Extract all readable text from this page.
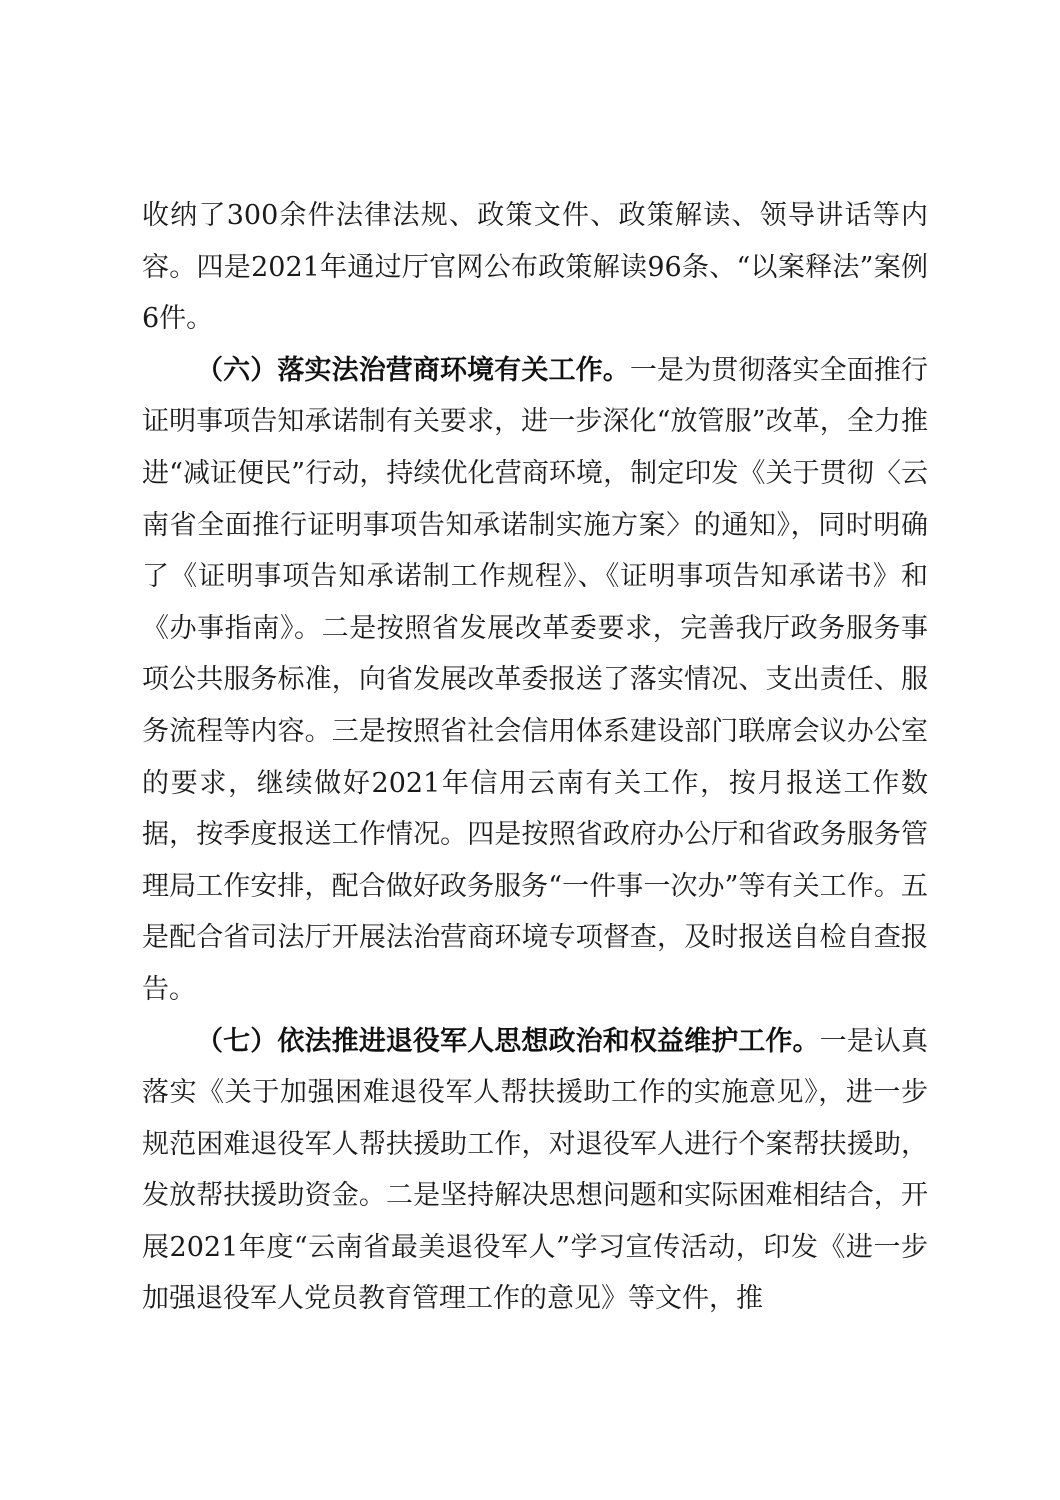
收纳了300余件法律法规、政策文件、政策解读、领导讲话等内容。四是2021年通过厅官网公布政策解读96条、“以案释法”案例6件。

（六）落实法治营商环境有关工作。一是为贯彻落实全面推行证明事项告知承诺制有关要求，进一步深化“放管服”改革，全力推进“减证便民”行动，持续优化营商环境，制定印发《关于贯彻〈云南省全面推行证明事项告知承诺制实施方案〉的通知》，同时明确了《证明事项告知承诺制工作规程》、《证明事项告知承诺书》和《办事指南》。二是按照省发展改革委要求，完善我厅政务服务事项公共服务标准，向省发展改革委报送了落实情况、支出责任、服务流程等内容。三是按照省社会信用体系建设部门联席会议办公室的要求，继续做好2021年信用云南有关工作，按月报送工作数据，按季度报送工作情况。四是按照省政府办公厅和省政务服务管理局工作安排，配合做好政务服务“一件事一次办”等有关工作。五是配合省司法厅开展法治营商环境专项督查，及时报送自检自查报告。

（七）依法推进退役军人思想政治和权益维护工作。一是认真落实《关于加强困难退役军人帮扶援助工作的实施意见》，进一步规范困难退役军人帮扶援助工作，对退役军人进行个案帮扶援助，发放帮扶援助资金。二是坚持解决思想问题和实际困难相结合，开展2021年度“云南省最美退役军人”学习宣传活动，印发《进一步加强退役军人党员教育管理工作的意见》等文件，推
